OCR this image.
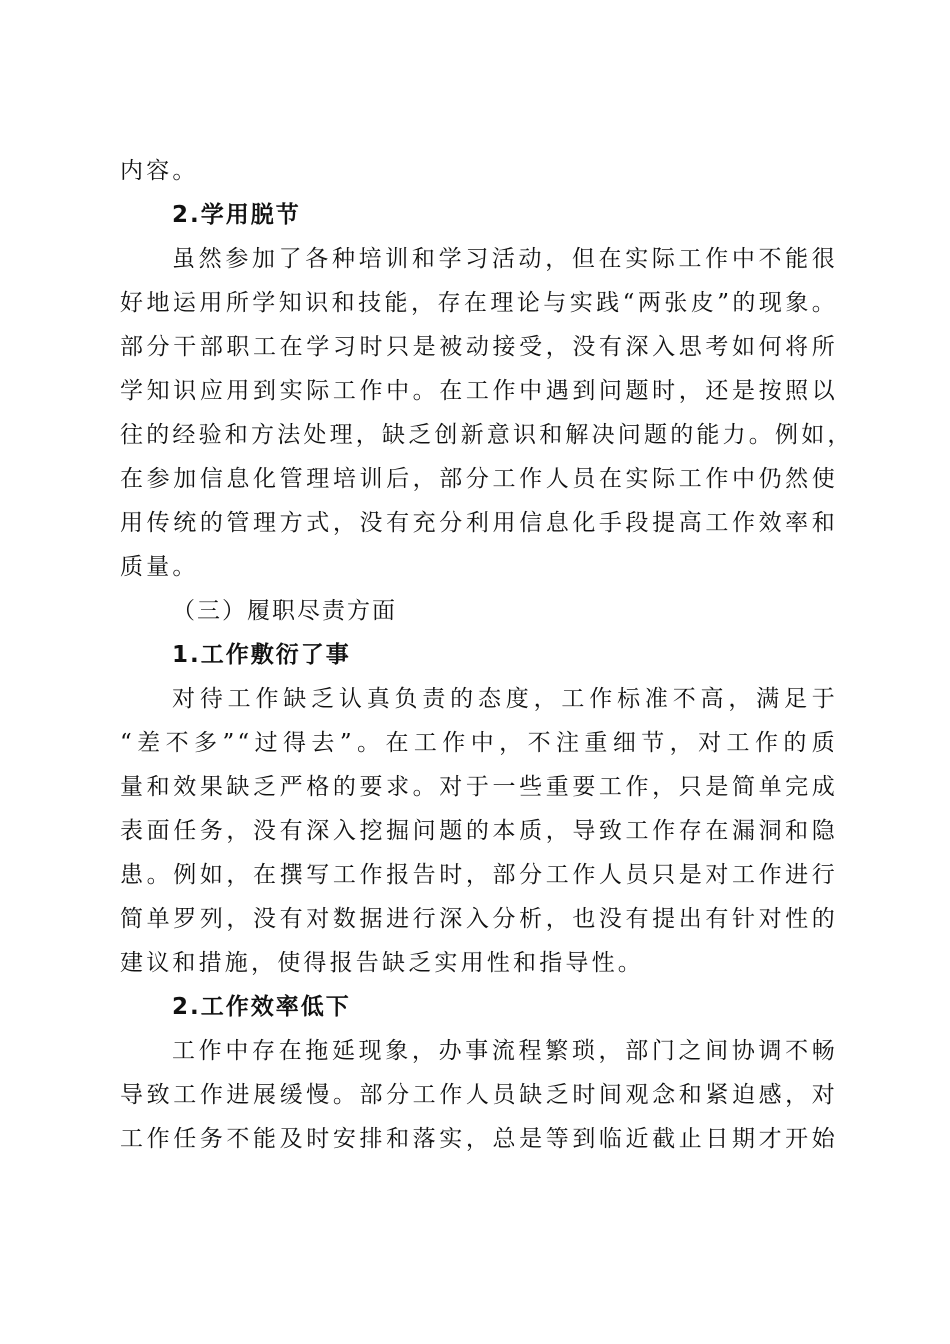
内容。
2.学用脱节
虽然参加了各种培训和学习活动，但在实际工作中不能很
好地运用所学知识和技能，存在理论与实践“两张皮”的现象。
部分干部职工在学习时只是被动接受，没有深入思考如何将所
学知识应用到实际工作中。在工作中遇到问题时，还是按照以
往的经验和方法处理，缺乏创新意识和解决问题的能力。例如，
在参加信息化管理培训后，部分工作人员在实际工作中仍然使
用传统的管理方式，没有充分利用信息化手段提高工作效率和
质量。
（三）履职尽责方面
1.工作敷衍了事
对待工作缺乏认真负责的态度，工作标准不高，满足于
“差不多”“过得去”。在工作中，不注重细节，对工作的质
量和效果缺乏严格的要求。对于一些重要工作，只是简单完成
表面任务，没有深入挖掘问题的本质，导致工作存在漏洞和隐
患。例如，在撰写工作报告时，部分工作人员只是对工作进行
简单罗列，没有对数据进行深入分析，也没有提出有针对性的
建议和措施，使得报告缺乏实用性和指导性。
2.工作效率低下
工作中存在拖延现象，办事流程繁琐，部门之间协调不畅
导致工作进展缓慢。部分工作人员缺乏时间观念和紧迫感，对
工作任务不能及时安排和落实，总是等到临近截止日期才开始
